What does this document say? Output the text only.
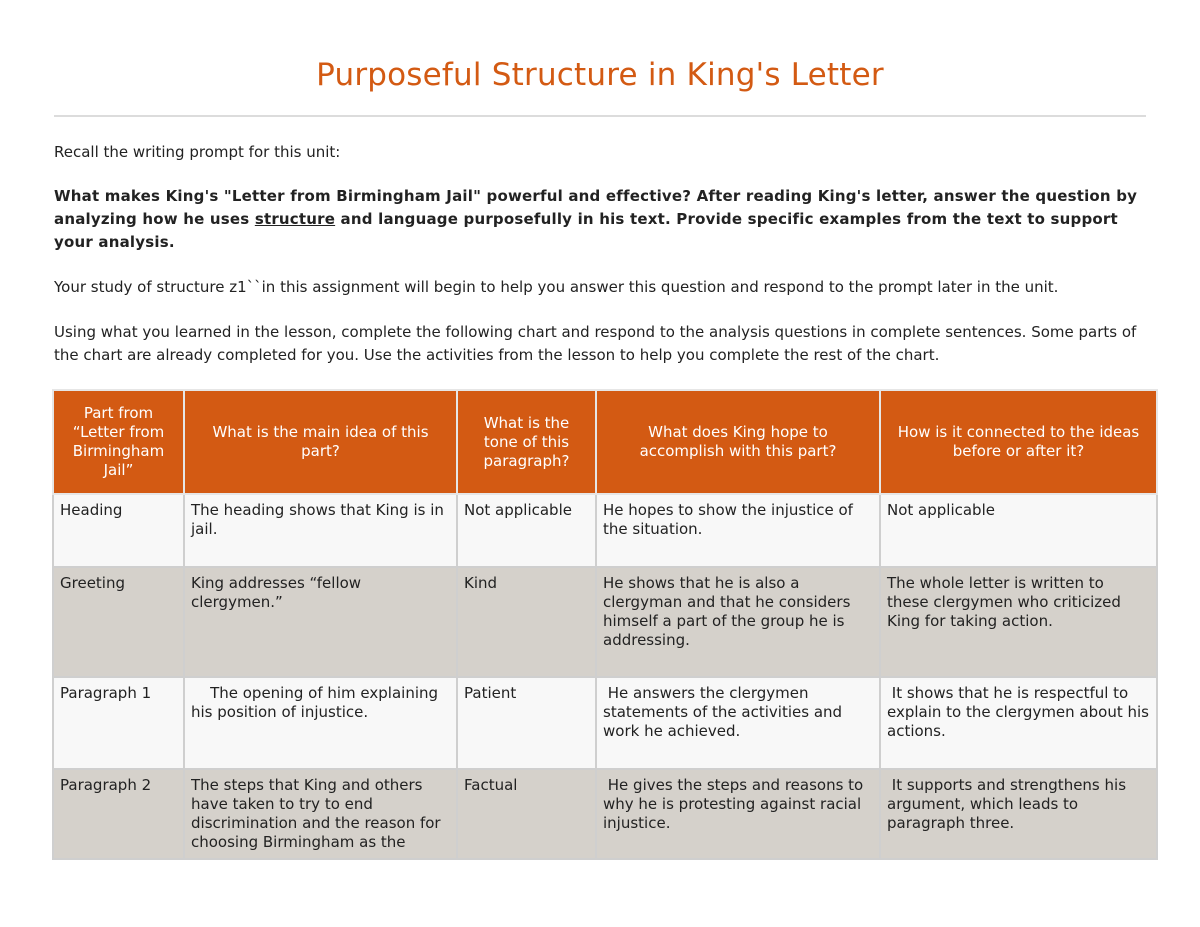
Purposeful Structure in King's Letter

Recall the writing prompt for this unit:

What makes King's "Letter from Birmingham Jail" powerful and effective? After reading King's letter, answer the question by analyzing how he uses structure and language purposefully in his text. Provide specific examples from the text to support your analysis.

Your study of structure z1``in this assignment will begin to help you answer this question and respond to the prompt later in the unit.

Using what you learned in the lesson, complete the following chart and respond to the analysis questions in complete sentences. Some parts of the chart are already completed for you. Use the activities from the lesson to help you complete the rest of the chart.

Part from “Letter from Birmingham Jail”	What is the main idea of this part?	What is the tone of this paragraph?	What does King hope to accomplish with this part?	How is it connected to the ideas before or after it?
Heading	The heading shows that King is in jail.	Not applicable	He hopes to show the injustice of the situation.	Not applicable
Greeting	King addresses “fellow clergymen.”	Kind	He shows that he is also a clergyman and that he considers himself a part of the group he is addressing.	The whole letter is written to these clergymen who criticized King for taking action.
Paragraph 1	The opening of him explaining his position of injustice.	Patient	He answers the clergymen statements of the activities and work he achieved.	It shows that he is respectful to explain to the clergymen about his actions.

Paragraph 2	The steps that King and others have taken to try to end discrimination and the reason for choosing Birmingham as the	Factual	He gives the steps and reasons to why he is protesting against racial injustice.	It supports and strengthens his argument, which leads to paragraph three.
